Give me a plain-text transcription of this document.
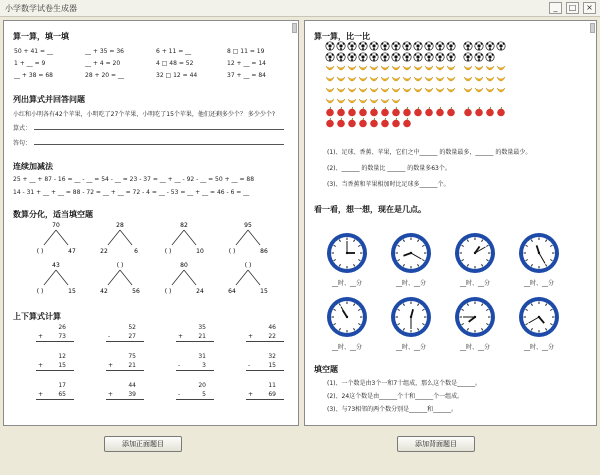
小学数学试卷生成器	_	□	×
算一算，填一填
50 + 41 = __	__ + 35 = 36	6 + 11 = __	8 □ 11 = 19
1 + __ = 9	__ + 4 = 20	4 □ 48 = 52	12 + __ = 14
__ + 38 = 68	28 + 20 = __	32 □ 12 = 44	37 + __ = 84
列出算式并回答问题
小红和小明各有42个苹果，小明吃了27个苹果，小明吃了15个苹果，他们还剩多少个？ 多少少个?
算式：
答句：
连续加减法
25 + __ + 87 - 16 = __ - __ = 54 - __ = 23 - 37 = __ + __ - 92 - __ = 50 + __ = 88
14 - 31 + __ + __ = 88 - 72 = __ + __ = 72 - 4 = __ - 53 = __ + __ = 46 - 6 = __
数算分化，适当填空题
70
( )	47
28
22	6
82
( )	10
95
( )	86
43
( )	15
( )
42	56
80
( )	24
( )
64	15
上下算式计算
26
+	73
52
-	27
35
+	21
46
+	22
12
+	15
75
+	21
31
-	3
32
-	15
17
+	65
44
+	39
20
-	5
11
+	69
算一算，比一比
(1)、足球、香蕉、苹果，它们之中______ 的数量最多，______ 的数量最少。
(2)、______ 的数量比 ______ 的数量多63个。
(3)、当香蕉和苹果相加时比足球多______个。
看一看，想一想，现在是几点。
__时、__分	__时、__分	__时、__分	__时、__分
__时、__分	__时、__分	__时、__分	__时、__分
填空题
(1)、一个数是由3个一和7十组成，那么这个数是______。
(2)、24这个数是由______个十和______个一组成。
(3)、与73相邻的两个数分别是______和______。
添加正面题目	添加背面题目
